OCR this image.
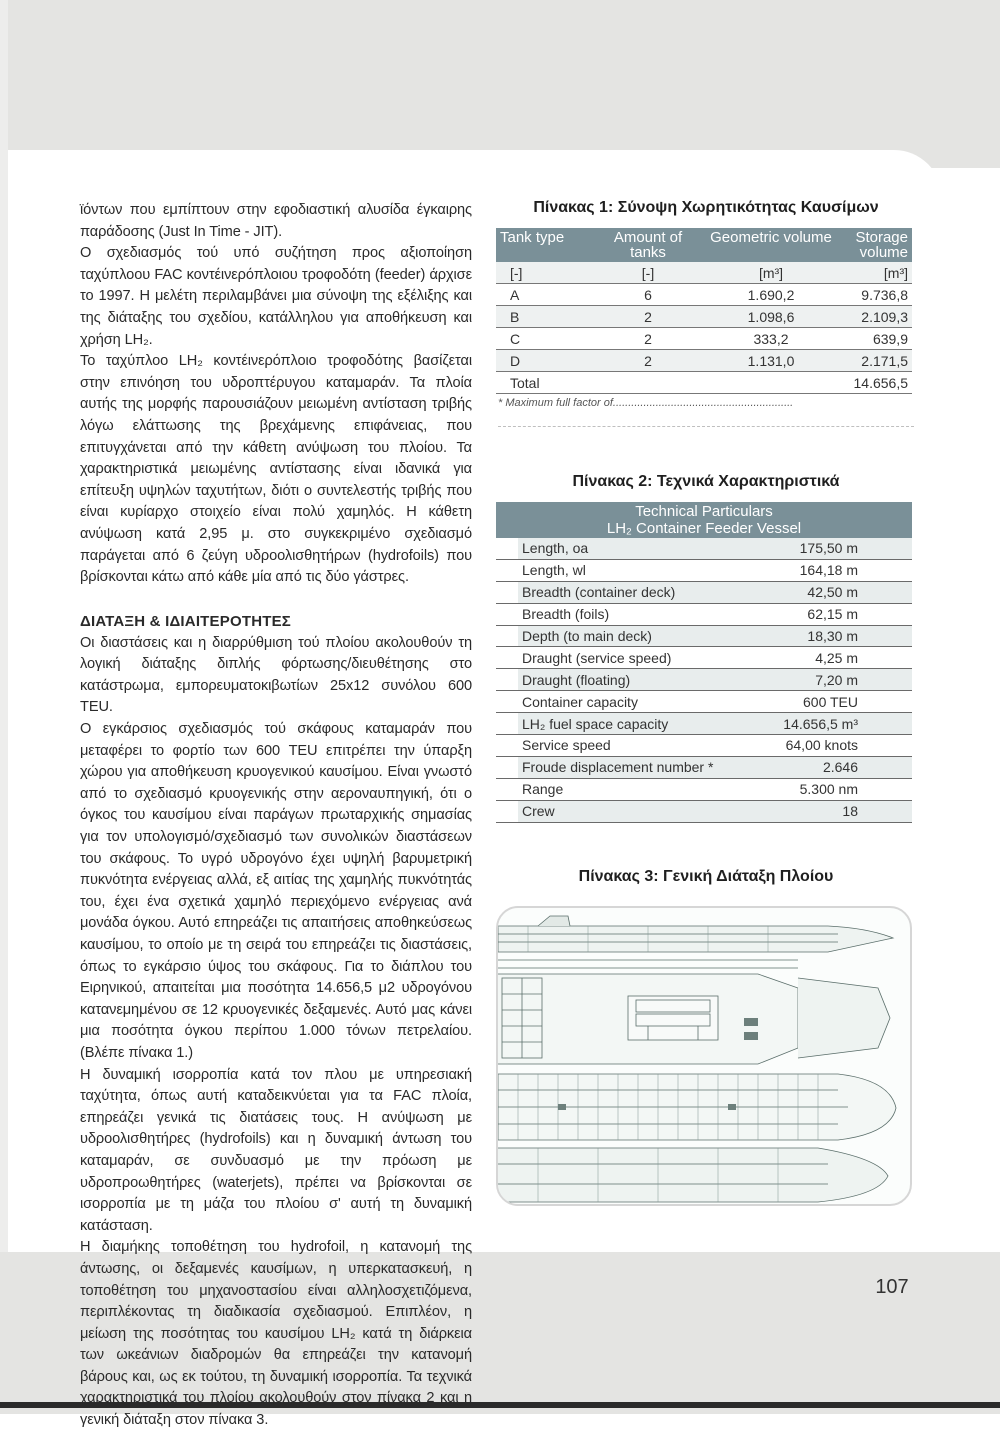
107

ϊόντων που εμπίπτουν στην εφοδιαστική αλυσίδα έγκαιρης παράδοσης (Just In Time - JIT).

Ο σχεδιασμός τού υπό συζήτηση προς αξιοποίηση ταχύπλοου FAC κοντέινερόπλοιου τροφοδότη (feeder) άρχισε το 1997. Η μελέτη περιλαμβάνει μια σύνοψη της εξέλιξης και της διάταξης του σχεδίου, κατάλληλου για αποθήκευση και χρήση LH₂.

Το ταχύπλοο LH₂ κοντέινερόπλοιο τροφοδότης βασίζεται στην επινόηση του υδροπτέρυγου καταμαράν. Τα πλοία αυτής της μορφής παρουσιάζουν μειωμένη αντίσταση τριβής λόγω ελάττωσης της βρεχάμενης επιφάνειας, που επιτυγχάνεται από την κάθετη ανύψωση του πλοίου. Τα χαρακτηριστικά μειωμένης αντίστασης είναι ιδανικά για επίτευξη υψηλών ταχυτήτων, διότι ο συντελεστής τριβής που είναι κυρίαρχο στοιχείο είναι πολύ χαμηλός. Η κάθετη ανύψωση κατά 2,95 μ. στο συγκεκριμένο σχεδιασμό παράγεται από 6 ζεύγη υδροολισθητήρων (hydrofoils) που βρίσκονται κάτω από κάθε μία από τις δύο γάστρες.

ΔΙΑΤΑΞΗ & ΙΔΙΑΙΤΕΡΟΤΗΤΕΣ

Οι διαστάσεις και η διαρρύθμιση τού πλοίου ακολουθούν τη λογική διάταξης διπλής φόρτωσης/διευθέτησης στο κατάστρωμα, εμπορευματοκιβωτίων 25x12 συνόλου 600 TEU.

Ο εγκάρσιος σχεδιασμός τού σκάφους καταμαράν που μεταφέρει το φορτίο των 600 TEU επιτρέπει την ύπαρξη χώρου για αποθήκευση κρυογενικού καυσίμου. Είναι γνωστό από το σχεδιασμό κρυογενικής στην αεροναυπηγική, ότι ο όγκος του καυσίμου είναι παράγων πρωταρχικής σημασίας για τον υπολογισμό/σχεδιασμό των συνολικών διαστάσεων του σκάφους. Το υγρό υδρογόνο έχει υψηλή βαρυμετρική πυκνότητα ενέργειας αλλά, εξ αιτίας της χαμηλής πυκνότητάς του, έχει ένα σχετικά χαμηλό περιεχόμενο ενέργειας ανά μονάδα όγκου. Αυτό επηρεάζει τις απαιτήσεις αποθηκεύσεως καυσίμου, το οποίο με τη σειρά του επηρεάζει τις διαστάσεις, όπως το εγκάρσιο ύψος του σκάφους. Για το διάπλου του Ειρηνικού, απαιτείται μια ποσότητα 14.656,5 μ2 υδρογόνου κατανεμημένου σε 12 κρυογενικές δεξαμενές. Αυτό μας κάνει μια ποσότητα όγκου περίπου 1.000 τόνων πετρελαίου. (Βλέπε πίνακα 1.)

Η δυναμική ισορροπία κατά τον πλου με υπηρεσιακή ταχύτητα, όπως αυτή καταδεικνύεται για τα FAC πλοία, επηρεάζει γενικά τις διατάσεις τους. Η ανύψωση με υδροολισθητήρες (hydrofoils) και η δυναμική άντωση του καταμαράν, σε συνδυασμό με την πρόωση με υδροπροωθητήρες (waterjets), πρέπει να βρίσκονται σε ισορροπία με τη μάζα του πλοίου σ' αυτή τη δυναμική κατάσταση.

Η διαμήκης τοποθέτηση του hydrofoil, η κατανομή της άντωσης, οι δεξαμενές καυσίμων, η υπερκατασκευή, η τοποθέτηση του μηχανοστασίου είναι αλληλοσχετιζόμενα, περιπλέκοντας τη διαδικασία σχεδιασμού. Επιπλέον, η μείωση της ποσότητας του καυσίμου LH₂ κατά τη διάρκεια των ωκεάνιων διαδρομών θα επηρεάζει την κατανομή βάρους και, ως εκ τούτου, τη δυναμική ισορροπία. Τα τεχνικά χαρακτηριστικά του πλοίου ακολουθούν στον πίνακα 2 και η γενική διάταξη στον πίνακα 3.

Πίνακας 1: Σύνοψη Χωρητικότητας Καυσίμων
Tank type	Amount of tanks	Geometric volume	Storage volume
[-]	[-]	[m³]	[m³]
A	6	1.690,2	9.736,8
B	2	1.098,6	2.109,3
C	2	333,2	639,9
D	2	1.131,0	2.171,5
Total			14.656,5
* Maximum full factor of...........................................................
Πίνακας 2: Τεχνικά Χαρακτηριστικά
Technical Particulars
LH₂ Container Feeder Vessel
	Length, oa	175,50 m
	Length, wl	164,18 m
	Breadth (container deck)	42,50 m
	Breadth (foils)	62,15 m
	Depth (to main deck)	18,30 m
	Draught (service speed)	4,25 m
	Draught (floating)	7,20 m
	Container capacity	600 TEU
	LH₂ fuel space capacity	14.656,5 m³
	Service speed	64,00 knots
	Froude displacement number *	2.646
	Range	5.300 nm
	Crew	18
Πίνακας 3: Γενική Διάταξη Πλοίου
